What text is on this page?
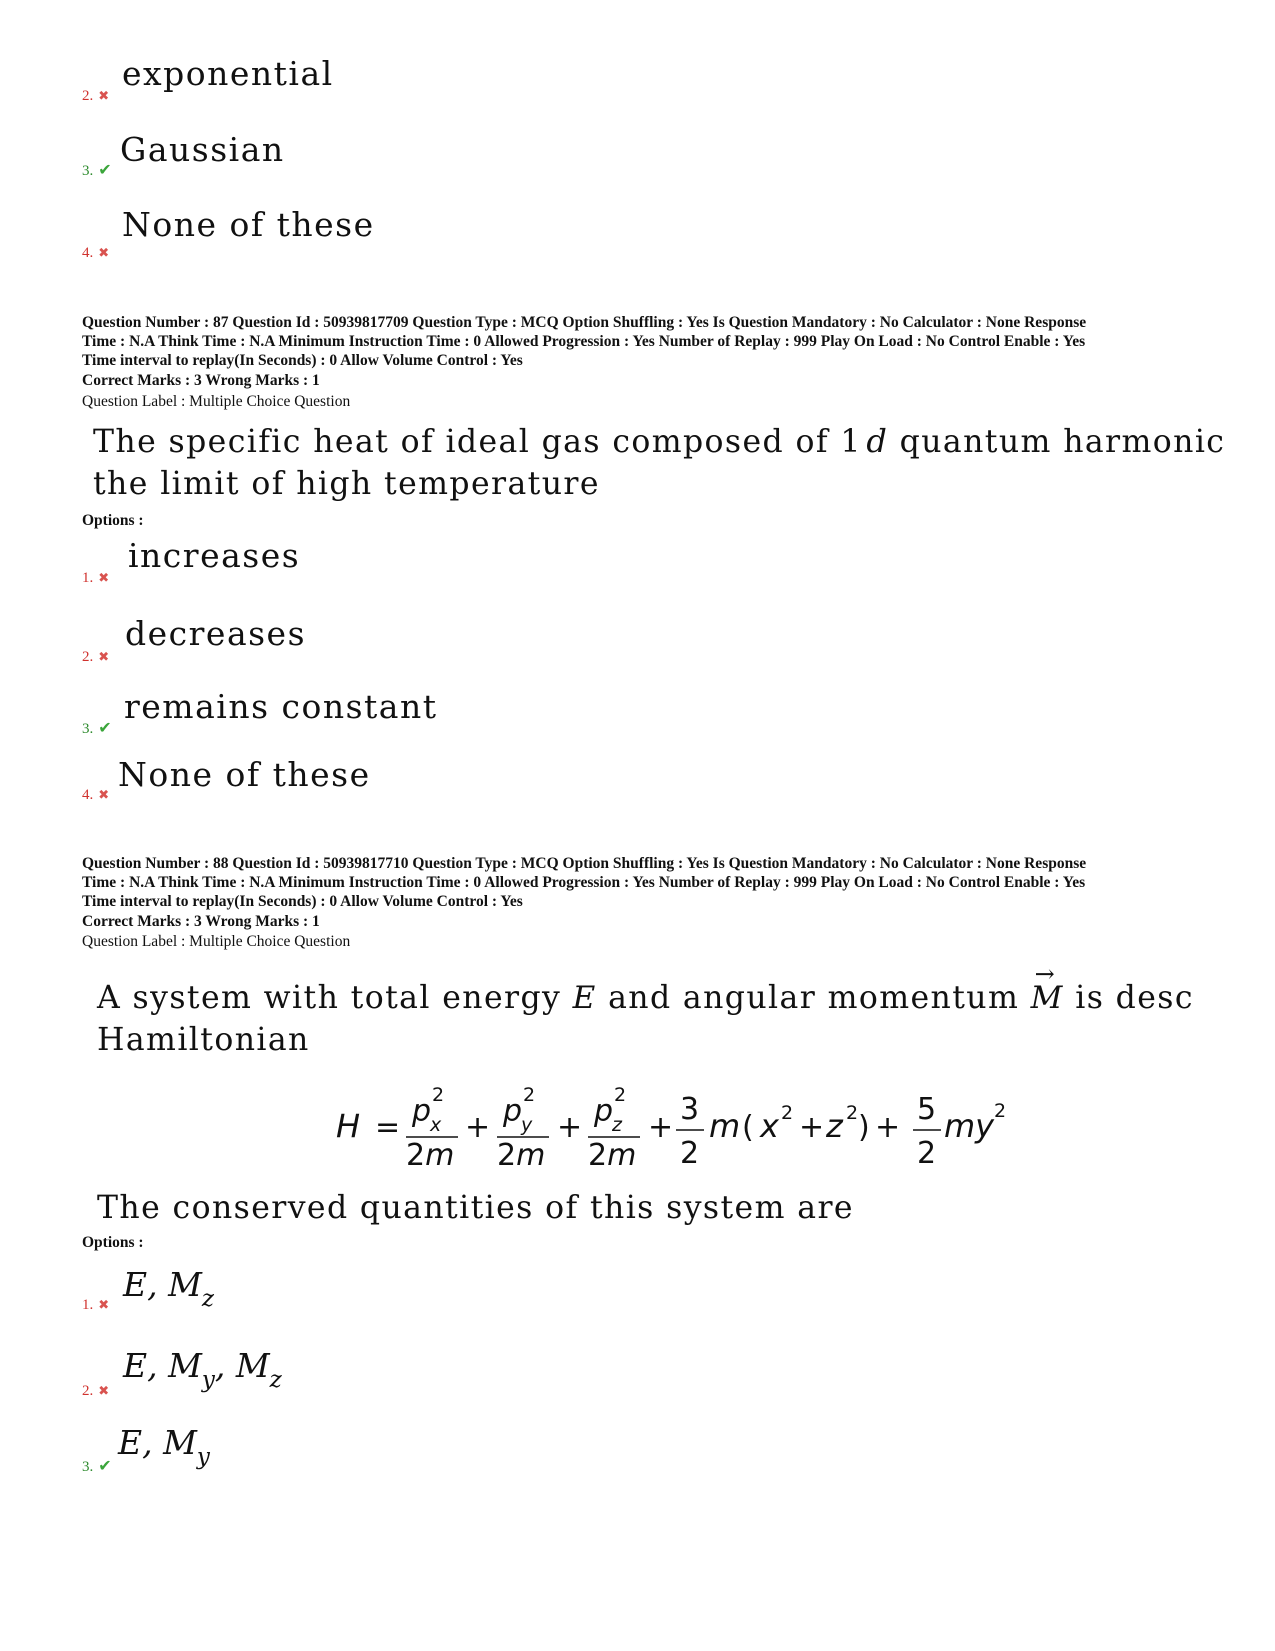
exponential
2. ✖
Gaussian
3. ✔
None of these
4. ✖
Question Number : 87 Question Id : 50939817709 Question Type : MCQ Option Shuffling : Yes Is Question Mandatory : No Calculator : None Response
Time : N.A Think Time : N.A Minimum Instruction Time : 0 Allowed Progression : Yes Number of Replay : 999 Play On Load : No Control Enable : Yes
Time interval to replay(In Seconds) : 0 Allow Volume Control : Yes
Correct Marks : 3 Wrong Marks : 1
Question Label : Multiple Choice Question
The specific heat of ideal gas composed of 1  d quantum harmonic
the limit of high temperature
Options :
increases
1. ✖
decreases
2. ✖
remains constant
3. ✔
None of these
4. ✖
Question Number : 88 Question Id : 50939817710 Question Type : MCQ Option Shuffling : Yes Is Question Mandatory : No Calculator : None Response
Time : N.A Think Time : N.A Minimum Instruction Time : 0 Allowed Progression : Yes Number of Replay : 999 Play On Load : No Control Enable : Yes
Time interval to replay(In Seconds) : 0 Allow Volume Control : Yes
Correct Marks : 3 Wrong Marks : 1
Question Label : Multiple Choice Question
A system with total energy E and angular momentum
→
M is desc
Hamiltonian
H = p
x
2
2m
+ p
y
2
2m
+ p
z
2
2m
+
3
2
m ( x 2 + z 2 ) +
5
2
my 2
The conserved quantities of this system are
Options :
E, $M_z$
1. ✖
E, $M_y$, $M_z$
2. ✖
E, $M_y$
3. ✔
